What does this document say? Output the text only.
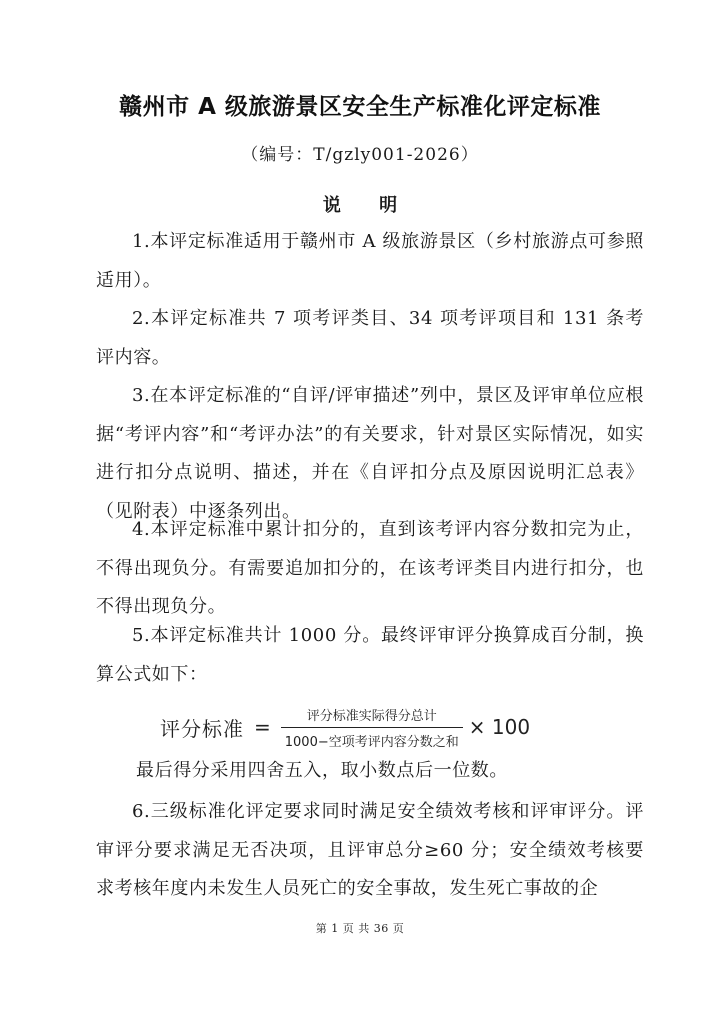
赣州市 A 级旅游景区安全生产标准化评定标准
（编号：T/gzly001-2026）
说 明
1.本评定标准适用于赣州市 A 级旅游景区（乡村旅游点可参照适用）。
2.本评定标准共 7 项考评类目、34 项考评项目和 131 条考评内容。
3.在本评定标准的“自评/评审描述”列中，景区及评审单位应根据“考评内容”和“考评办法”的有关要求，针对景区实际情况，如实进行扣分点说明、描述，并在《自评扣分点及原因说明汇总表》（见附表）中逐条列出。
4.本评定标准中累计扣分的，直到该考评内容分数扣完为止，不得出现负分。有需要追加扣分的，在该考评类目内进行扣分，也不得出现负分。
5.本评定标准共计 1000 分。最终评审评分换算成百分制，换算公式如下：
评分标准 = $\frac{\text{评分标准实际得分总计}}{\text{1000−空项考评内容分数之和}} \times 100$
最后得分采用四舍五入，取小数点后一位数。
6.三级标准化评定要求同时满足安全绩效考核和评审评分。评审评分要求满足无否决项，且评审总分≥60 分；安全绩效考核要求考核年度内未发生人员死亡的安全事故，发生死亡事故的企
第 1 页 共 36 页
